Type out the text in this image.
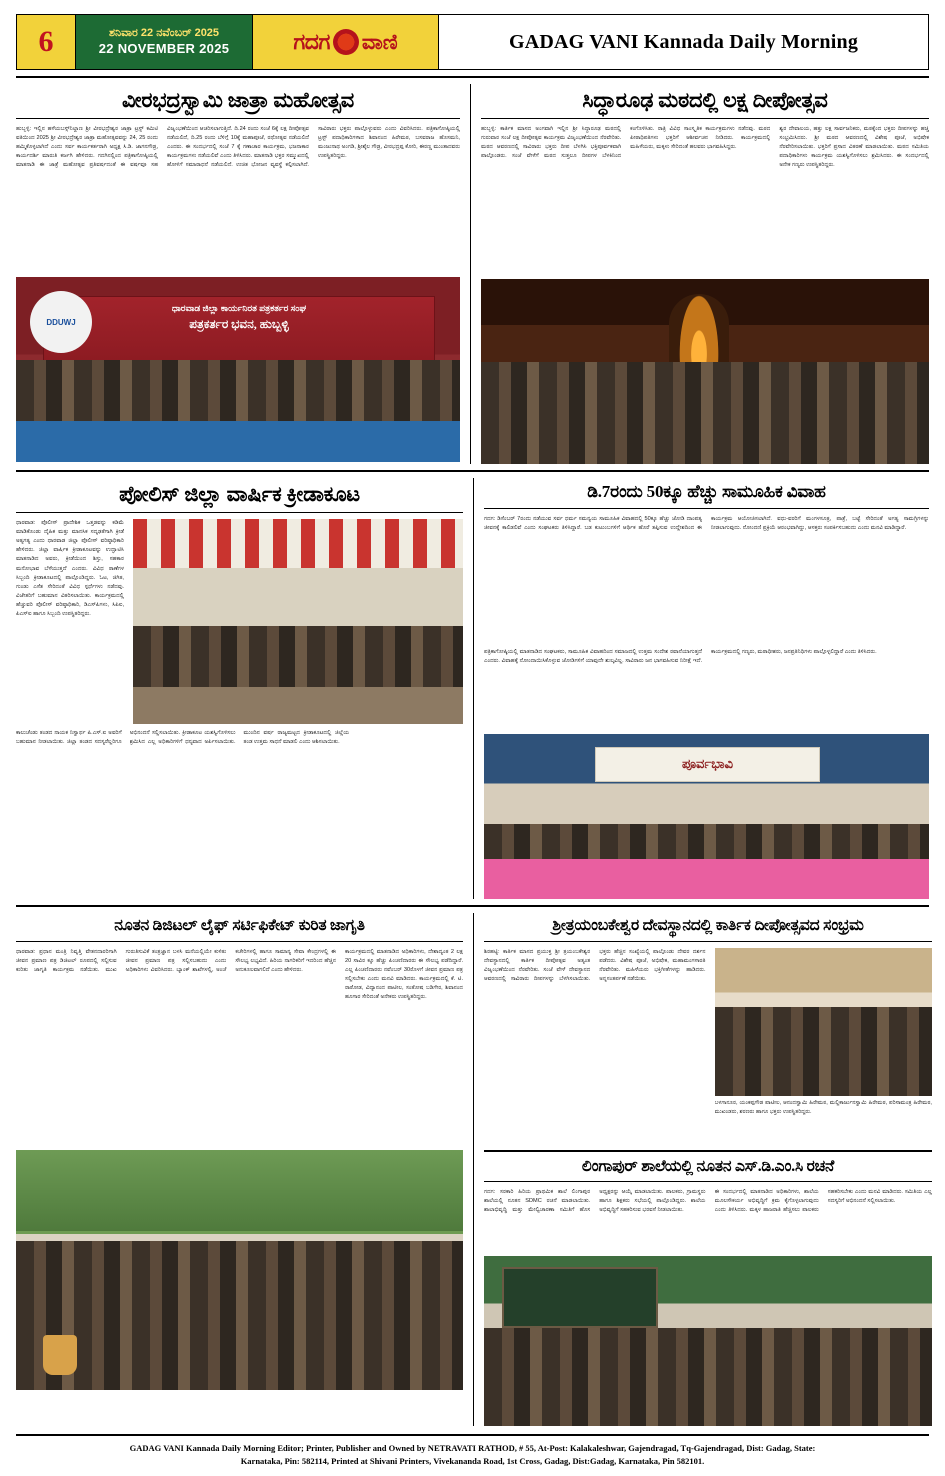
6	ಶನಿವಾರ 22 ನವೆಂಬರ್ 2025
22 NOVEMBER 2025	ಗದಗ ವಾಣಿ	GADAG VANI Kannada Daily Morning
ವೀರಭದ್ರಸ್ವಾಮಿ ಜಾತ್ರಾ ಮಹೋತ್ಸವ
ಹುಬ್ಬಳ್ಳಿ: ಇಲ್ಲಿನ ಹಳೆಯಬಸ್ಸ್‌ನಿಲ್ದಾಣ ಶ್ರೀ ವೀರಭದ್ರೇಶ್ವರ ಜಾತ್ರಾ ಟ್ರಸ್ಟ್ ಕಮಿಟಿ ವತಿಯಿಂದ 2025 ಶ್ರೀ ವೀರಭದ್ರೇಶ್ವರ ಜಾತ್ರಾ ಮಹೋತ್ಸವವನ್ನು 24, 25 ರಂದು ಹಮ್ಮಿಕೊಳ್ಳಲಾಗಿದೆ ಎಂದು ಸರ್ವ ಕಾರ್ಯಕರ್ತರಾಗಿ ಅಧ್ಯಕ್ಷ ಸಿ.ಡಿ. ಜಾಗನಗೌಡ್ರ, ಕಾರ್ಯದರ್ಶಿ ಮಾರುತಿ ಕರ್ಜಗಿ ಹೇಳಿದರು. ಗದಗಿನಲ್ಲಿಂದ ಪತ್ರಿಕಾಗೋಷ್ಠಿಯಲ್ಲಿ ಮಾತನಾಡಿ ಈ ಜಾತ್ರೆ ಮಹೋತ್ಸವ ಪ್ರತಿವರ್ಷದಂತೆ ಈ ವರ್ಷವೂ ಸಹ ವಿಜೃಂಭಣೆಯಿಂದ ಆಚರಿಸಲಾಗುತ್ತಿದೆ. ದಿ.24 ರಂದು ಸಂಜೆ 6ಕ್ಕೆ ಲಕ್ಷ ದೀಪೋತ್ಸವ ನಡೆಯಲಿದೆ, ದಿ.25 ರಂದು ಬೆಳಿಗ್ಗೆ 10ಕ್ಕೆ ಮಹಾಪೂಜೆ, ರಥೋತ್ಸವ ನಡೆಯಲಿದೆ ಎಂದರು. ಈ ಸಂದರ್ಭದಲ್ಲಿ ಸಂಜೆ 7 ಕ್ಕೆ ಗಣಾಚಾರ ಕಾರ್ಯಕ್ರಮ, ಭಜನಾಕಾರ ಕಾರ್ಯಕ್ರಮಗಳು ನಡೆಯಲಿವೆ ಎಂದು ತಿಳಿಸಿದರು. ಮಾತನಾಡಿ ಭಕ್ತರ ಸಮ್ಮುಖದಲ್ಲಿ ಹೋಳಿಗೆ ಸಮಾರಾಧನೆ ನಡೆಯಲಿದೆ. ಉಚಿತ ಭೋಜನ ವ್ಯವಸ್ಥೆ ಕಲ್ಪಿಸಲಾಗಿದೆ. ಸಾವಿರಾರು ಭಕ್ತರು ಪಾಲ್ಗೊಳ್ಳುವರು ಎಂದು ವಿವರಿಸಿದರು. ಪತ್ರಿಕಾಗೋಷ್ಠಿಯಲ್ಲಿ ಟ್ರಸ್ಟ್ ಪದಾಧಿಕಾರಿಗಳಾದ ಶಿವಾನಂದ ಹಿರೇಮಠ, ಬಸವರಾಜ ಹೊಸಮನಿ, ಮಂಜುನಾಥ ಅಂಗಡಿ, ಶ್ರೀಶೈಲ ಗೌಡ್ರ, ವೀರಭದ್ರಪ್ಪ ಕೋರಿ, ಈರಣ್ಣ ಮುಂತಾದವರು ಉಪಸ್ಥಿತರಿದ್ದರು.
ಧಾರವಾಡ ಜಿಲ್ಲಾ ಕಾರ್ಯನಿರತ ಪತ್ರಕರ್ತರ ಸಂಘ
ಪತ್ರಕರ್ತರ ಭವನ, ಹುಬ್ಬಳ್ಳಿ
DDUWJ
ಸಿದ್ಧಾರೂಢ ಮಠದಲ್ಲಿ ಲಕ್ಷ ದೀಪೋತ್ಸವ
ಹುಬ್ಬಳ್ಳಿ: ಕಾರ್ತಿಕ ಮಾಸದ ಅಂಗವಾಗಿ ಇಲ್ಲಿನ ಶ್ರೀ ಸಿದ್ಧಾರೂಢ ಮಠದಲ್ಲಿ ಗುರುವಾರ ಸಂಜೆ ಲಕ್ಷ ದೀಪೋತ್ಸವ ಕಾರ್ಯಕ್ರಮ ವಿಜೃಂಭಣೆಯಿಂದ ನೆರವೇರಿತು. ಮಠದ ಆವರಣದಲ್ಲಿ ಸಾವಿರಾರು ಭಕ್ತರು ದೀಪ ಬೆಳಗಿಸಿ ಭಕ್ತಿಪೂರ್ವಕವಾಗಿ ಪಾಲ್ಗೊಂಡರು. ಸಂಜೆ ವೇಳೆಗೆ ಮಠದ ಸುತ್ತಲೂ ದೀಪಗಳ ಬೆಳಕಿನಿಂದ ಕಂಗೊಳಿಸಿತು. ರಾತ್ರಿ ವಿವಿಧ ಸಾಂಸ್ಕೃತಿಕ ಕಾರ್ಯಕ್ರಮಗಳು ನಡೆದವು. ಮಠದ ಪೀಠಾಧಿಪತಿಗಳು ಭಕ್ತರಿಗೆ ಆಶೀರ್ವಚನ ನೀಡಿದರು. ಕಾರ್ಯಕ್ರಮದಲ್ಲಿ ಮಹಿಳೆಯರು, ಮಕ್ಕಳು ಸೇರಿದಂತೆ ಹಲವರು ಭಾಗವಹಿಸಿದ್ದರು.
ಶ್ವರ ದೇವಾಲಯ, ಹತ್ತು ಲಕ್ಷ ಸಾರ್ವಜನಿಕರು, ಮಠಕ್ಕೆಂದ ಭಕ್ತರು ದೀಪಗಳನ್ನು ಹಚ್ಚಿ ಸಂಭ್ರಮಿಸಿದರು. ಶ್ರೀ ಮಠದ ಆವರಣದಲ್ಲಿ ವಿಶೇಷ ಪೂಜೆ, ಅಭಿಷೇಕ ನೆರವೇರಿಸಲಾಯಿತು. ಭಕ್ತರಿಗೆ ಪ್ರಸಾದ ವಿತರಣೆ ಮಾಡಲಾಯಿತು. ಮಠದ ಸಮಿತಿಯ ಪದಾಧಿಕಾರಿಗಳು ಕಾರ್ಯಕ್ರಮ ಯಶಸ್ವಿಗೊಳಿಸಲು ಶ್ರಮಿಸಿದರು. ಈ ಸಂದರ್ಭದಲ್ಲಿ ಅನೇಕ ಗಣ್ಯರು ಉಪಸ್ಥಿತರಿದ್ದರು.
ಪೋಲಿಸ್ ಜಿಲ್ಲಾ ವಾರ್ಷಿಕ ಕ್ರೀಡಾಕೂಟ
ಧಾರವಾಡ: ಪೊಲೀಸ್ ಪ್ರಾದೇಶಿಕ ಒತ್ತಡವನ್ನು ಕಡಿಮೆ ಮಾಡಿಕೊಂಡು ದೈಹಿಕ ಮತ್ತು ಮಾನಸಿಕ ಸದೃಢತೆಗಾಗಿ ಕ್ರೀಡೆ ಅತ್ಯಗತ್ಯ ಎಂದು ಧಾರವಾಡ ಜಿಲ್ಲಾ ಪೊಲೀಸ್ ವರಿಷ್ಠಾಧಿಕಾರಿ ಹೇಳಿದರು. ಜಿಲ್ಲಾ ವಾರ್ಷಿಕ ಕ್ರೀಡಾಕೂಟವನ್ನು ಉದ್ಘಾಟಿಸಿ ಮಾತನಾಡಿದ ಅವರು, ಕ್ರೀಡೆಯಿಂದ ಶಿಸ್ತು, ಸಹಕಾರ ಮನೋಭಾವ ಬೆಳೆಯುತ್ತದೆ ಎಂದರು. ವಿವಿಧ ಠಾಣೆಗಳ ಸಿಬ್ಬಂದಿ ಕ್ರೀಡಾಕೂಟದಲ್ಲಿ ಪಾಲ್ಗೊಂಡಿದ್ದರು. ಓಟ, ಜಿಗಿತ, ಗುಂಡು ಎಸೆತ ಸೇರಿದಂತೆ ವಿವಿಧ ಸ್ಪರ್ಧೆಗಳು ನಡೆದವು. ವಿಜೇತರಿಗೆ ಬಹುಮಾನ ವಿತರಿಸಲಾಯಿತು. ಕಾರ್ಯಕ್ರಮದಲ್ಲಿ ಹೆಚ್ಚುವರಿ ಪೊಲೀಸ್ ವರಿಷ್ಠಾಧಿಕಾರಿ, ಡಿಎಸ್‌ಪಿಗಳು, ಸಿಪಿಐ, ಪಿಎಸ್‌ಐ ಹಾಗೂ ಸಿಬ್ಬಂದಿ ಉಪಸ್ಥಿತರಿದ್ದರು.
ಕಾಲುಚೆಂಡು ತಂಡದ ನಾಯಕ ನಿಸ್ವಾರ್ಥ ಪಿ.ಎಸ್.ಐ ಅವರಿಗೆ ಬಹುಮಾನ ನೀಡಲಾಯಿತು. ಜಿಲ್ಲಾ ತಂಡದ ಸದಸ್ಯರೆಲ್ಲರಿಗೂ ಅಭಿನಂದನೆ ಸಲ್ಲಿಸಲಾಯಿತು. ಕ್ರೀಡಾಕೂಟ ಯಶಸ್ವಿಗೊಳಿಸಲು ಶ್ರಮಿಸಿದ ಎಲ್ಲ ಅಧಿಕಾರಿಗಳಿಗೆ ಧನ್ಯವಾದ ಅರ್ಪಿಸಲಾಯಿತು. ಮುಂದಿನ ವರ್ಷ ರಾಜ್ಯಮಟ್ಟದ ಕ್ರೀಡಾಕೂಟದಲ್ಲಿ ಜಿಲ್ಲೆಯ ತಂಡ ಉತ್ತಮ ಸಾಧನೆ ಮಾಡಲಿ ಎಂದು ಆಶಿಸಲಾಯಿತು.
ಡಿ.7ರಂದು 50ಕ್ಕೂ ಹೆಚ್ಚು ಸಾಮೂಹಿಕ ವಿವಾಹ
ಗದಗ: ಡಿಸೆಂಬರ್ 7ರಂದು ನಡೆಯುವ ಸರ್ವ ಧರ್ಮ ಸಮನ್ವಯ ಸಾಮೂಹಿಕ ವಿವಾಹದಲ್ಲಿ 50ಕ್ಕೂ ಹೆಚ್ಚು ಜೋಡಿ ದಾಂಪತ್ಯ ಜೀವನಕ್ಕೆ ಕಾಲಿಡಲಿವೆ ಎಂದು ಸಂಘಟಕರು ತಿಳಿಸಿದ್ದಾರೆ. ಬಡ ಕುಟುಂಬಗಳಿಗೆ ಆರ್ಥಿಕ ಹೊರೆ ತಪ್ಪಿಸುವ ಉದ್ದೇಶದಿಂದ ಈ ಕಾರ್ಯಕ್ರಮ ಆಯೋಜಿಸಲಾಗಿದೆ. ವಧು-ವರರಿಗೆ ಮಂಗಳಸೂತ್ರ, ಪಾತ್ರೆ, ಬಟ್ಟೆ ಸೇರಿದಂತೆ ಅಗತ್ಯ ಸಾಮಗ್ರಿಗಳನ್ನು ನೀಡಲಾಗುವುದು. ನೋಂದಣಿ ಪ್ರಕ್ರಿಯೆ ಆರಂಭವಾಗಿದ್ದು, ಆಸಕ್ತರು ಸಂಪರ್ಕಿಸಬಹುದು ಎಂದು ಮನವಿ ಮಾಡಿದ್ದಾರೆ.
ಪತ್ರಿಕಾಗೋಷ್ಠಿಯಲ್ಲಿ ಮಾತನಾಡಿದ ಸಂಘಟಕರು, ಸಾಮೂಹಿಕ ವಿವಾಹದಿಂದ ಸಮಾಜದಲ್ಲಿ ಉತ್ತಮ ಸಂದೇಶ ರವಾನೆಯಾಗುತ್ತದೆ ಎಂದರು. ವಿವಾಹಕ್ಕೆ ನೋಂದಾಯಿಸಿಕೊಳ್ಳುವ ಜೋಡಿಗಳಿಗೆ ಯಾವುದೇ ಶುಲ್ಕವಿಲ್ಲ. ಸಾವಿರಾರು ಜನ ಭಾಗವಹಿಸುವ ನಿರೀಕ್ಷೆ ಇದೆ. ಕಾರ್ಯಕ್ರಮದಲ್ಲಿ ಗಣ್ಯರು, ಮಠಾಧೀಶರು, ಜನಪ್ರತಿನಿಧಿಗಳು ಪಾಲ್ಗೊಳ್ಳಲಿದ್ದಾರೆ ಎಂದು ತಿಳಿಸಿದರು.
ಪೂರ್ವಭಾವಿ
ನೂತನ ಡಿಜಿಟಲ್ ಲೈಫ್ ಸರ್ಟಿಫಿಕೇಟ್ ಕುರಿತ ಜಾಗೃತಿ
ಧಾರವಾಡ: ಪ್ರಧಾನ ಮಂತ್ರಿ ನಿವೃತ್ತಿ ವೇತನದಾರರಿಗಾಗಿ ಜೀವನ ಪ್ರಮಾಣ ಪತ್ರ ಡಿಜಿಟಲ್ ರೂಪದಲ್ಲಿ ಸಲ್ಲಿಸುವ ಕುರಿತು ಜಾಗೃತಿ ಕಾರ್ಯಕ್ರಮ ನಡೆಯಿತು. ಮುಖ ಗುರುತಿಸುವಿಕೆ ತಂತ್ರಜ್ಞಾನ ಬಳಸಿ ಮನೆಯಲ್ಲಿಯೇ ಕುಳಿತು ಜೀವನ ಪ್ರಮಾಣ ಪತ್ರ ಸಲ್ಲಿಸಬಹುದು ಎಂದು ಅಧಿಕಾರಿಗಳು ವಿವರಿಸಿದರು. ಬ್ಯಾಂಕ್ ಶಾಖೆಗಳಲ್ಲಿ, ಅಂಚೆ ಕಚೇರಿಗಳಲ್ಲಿ ಹಾಗೂ ಸಾಮಾನ್ಯ ಸೇವಾ ಕೇಂದ್ರಗಳಲ್ಲಿ ಈ ಸೌಲಭ್ಯ ಲಭ್ಯವಿದೆ. ಹಿರಿಯ ನಾಗರಿಕರಿಗೆ ಇದರಿಂದ ಹೆಚ್ಚಿನ ಅನುಕೂಲವಾಗಲಿದೆ ಎಂದು ಹೇಳಿದರು.
ಕಾರ್ಯಕ್ರಮದಲ್ಲಿ ಮಾತನಾಡಿದ ಅಧಿಕಾರಿಗಳು, ದೇಶಾದ್ಯಂತ 2 ಲಕ್ಷ 20 ಸಾವಿರ ಕ್ಕೂ ಹೆಚ್ಚು ಪಿಂಚಣಿದಾರರು ಈ ಸೌಲಭ್ಯ ಪಡೆದಿದ್ದಾರೆ. ಎಲ್ಲ ಪಿಂಚಣಿದಾರರು ನವೆಂಬರ್ 30ರೊಳಗೆ ಜೀವನ ಪ್ರಮಾಣ ಪತ್ರ ಸಲ್ಲಿಸಬೇಕು ಎಂದು ಮನವಿ ಮಾಡಿದರು. ಕಾರ್ಯಕ್ರಮದಲ್ಲಿ ಕೆ. ಟಿ. ರಾಠೋಡ, ವಿದ್ಯಾನಂದ ಪಾಟೀಲ, ಸಂತೋಷ ಬಡಿಗೇರ, ಶಿವಾನಂದ ಹೂಗಾರ ಸೇರಿದಂತೆ ಅನೇಕರು ಉಪಸ್ಥಿತರಿದ್ದರು.
ಶ್ರೀತ್ರಯಂಬಕೇಶ್ವರ ದೇವಸ್ಥಾನದಲ್ಲಿ ಕಾರ್ತಿಕ ದೀಪೋತ್ಸವದ ಸಂಭ್ರಮ
ಶಿರಹಟ್ಟಿ: ಕಾರ್ತಿಕ ಮಾಸದ ಪ್ರಯುಕ್ತ ಶ್ರೀ ತ್ರಯಂಬಕೇಶ್ವರ ದೇವಸ್ಥಾನದಲ್ಲಿ ಕಾರ್ತಿಕ ದೀಪೋತ್ಸವ ಅತ್ಯಂತ ವಿಜೃಂಭಣೆಯಿಂದ ನೆರವೇರಿತು. ಸಂಜೆ ವೇಳೆ ದೇವಸ್ಥಾನದ ಆವರಣದಲ್ಲಿ ಸಾವಿರಾರು ದೀಪಗಳನ್ನು ಬೆಳಗಿಸಲಾಯಿತು. ಭಕ್ತರು ಹೆಚ್ಚಿನ ಸಂಖ್ಯೆಯಲ್ಲಿ ಪಾಲ್ಗೊಂಡು ದೇವರ ದರ್ಶನ ಪಡೆದರು. ವಿಶೇಷ ಪೂಜೆ, ಅಭಿಷೇಕ, ಮಹಾಮಂಗಳಾರತಿ ನೆರವೇರಿತು. ಮಹಿಳೆಯರು ಭಕ್ತಿಗೀತೆಗಳನ್ನು ಹಾಡಿದರು. ಅನ್ನಸಂತರ್ಪಣೆ ನಡೆಯಿತು.
ಬಳಗಾನೂರ, ಯಂಕಪ್ಪಗೌಡ ಪಾಟೀಲ, ಆನಂದಸ್ವಾಮಿ ಹಿರೇಮಠ, ಮಲ್ಲಿಕಾರ್ಜುನಸ್ವಾಮಿ ಹಿರೇಮಠ, ಪರಿಸಾಮಂತ್ರ ಹಿರೇಮಠ, ಮುಖಂಡರು, ಶರಣರು ಹಾಗೂ ಭಕ್ತರು ಉಪಸ್ಥಿತರಿದ್ದರು.
ಲಿಂಗಾಪುರ್ ಶಾಲೆಯಲ್ಲಿ ನೂತನ ಎಸ್.ಡಿ.ಎಂ.ಸಿ ರಚನೆ
ಗದಗ: ಸರಕಾರಿ ಹಿರಿಯ ಪ್ರಾಥಮಿಕ ಶಾಲೆ ಲಿಂಗಾಪುರ ಶಾಲೆಯಲ್ಲಿ ನೂತನ SDMC ರಚನೆ ಮಾಡಲಾಯಿತು. ಶಾಲಾಭಿವೃದ್ಧಿ ಮತ್ತು ಮೇಲ್ವಿಚಾರಣಾ ಸಮಿತಿಗೆ ಹೊಸ ಅಧ್ಯಕ್ಷರನ್ನು ಆಯ್ಕೆ ಮಾಡಲಾಯಿತು. ಪಾಲಕರು, ಗ್ರಾಮಸ್ಥರು ಹಾಗೂ ಶಿಕ್ಷಕರು ಸಭೆಯಲ್ಲಿ ಪಾಲ್ಗೊಂಡಿದ್ದರು. ಶಾಲೆಯ ಅಭಿವೃದ್ಧಿಗೆ ಸಹಕರಿಸುವ ಭರವಸೆ ನೀಡಲಾಯಿತು.
ಈ ಸಂದರ್ಭದಲ್ಲಿ ಮಾತನಾಡಿದ ಅಧಿಕಾರಿಗಳು, ಶಾಲೆಯ ಮೂಲಸೌಕರ್ಯ ಅಭಿವೃದ್ಧಿಗೆ ಕ್ರಮ ಕೈಗೊಳ್ಳಲಾಗುವುದು ಎಂದು ತಿಳಿಸಿದರು. ಮಕ್ಕಳ ಹಾಜರಾತಿ ಹೆಚ್ಚಿಸಲು ಪಾಲಕರು ಸಹಕರಿಸಬೇಕು ಎಂದು ಮನವಿ ಮಾಡಿದರು. ಸಮಿತಿಯ ಎಲ್ಲ ಸದಸ್ಯರಿಗೆ ಅಭಿನಂದನೆ ಸಲ್ಲಿಸಲಾಯಿತು.
GADAG VANI Kannada Daily Morning Editor; Printer, Publisher and Owned by NETRAVATI RATHOD, # 55, At-Post: Kalakaleshwar, Gajendragad, Tq-Gajendragad, Dist: Gadag, State:
Karnataka, Pin: 582114, Printed at Shivani Printers, Vivekananda Road, 1st Cross, Gadag, Dist:Gadag, Karnataka, Pin 582101.
